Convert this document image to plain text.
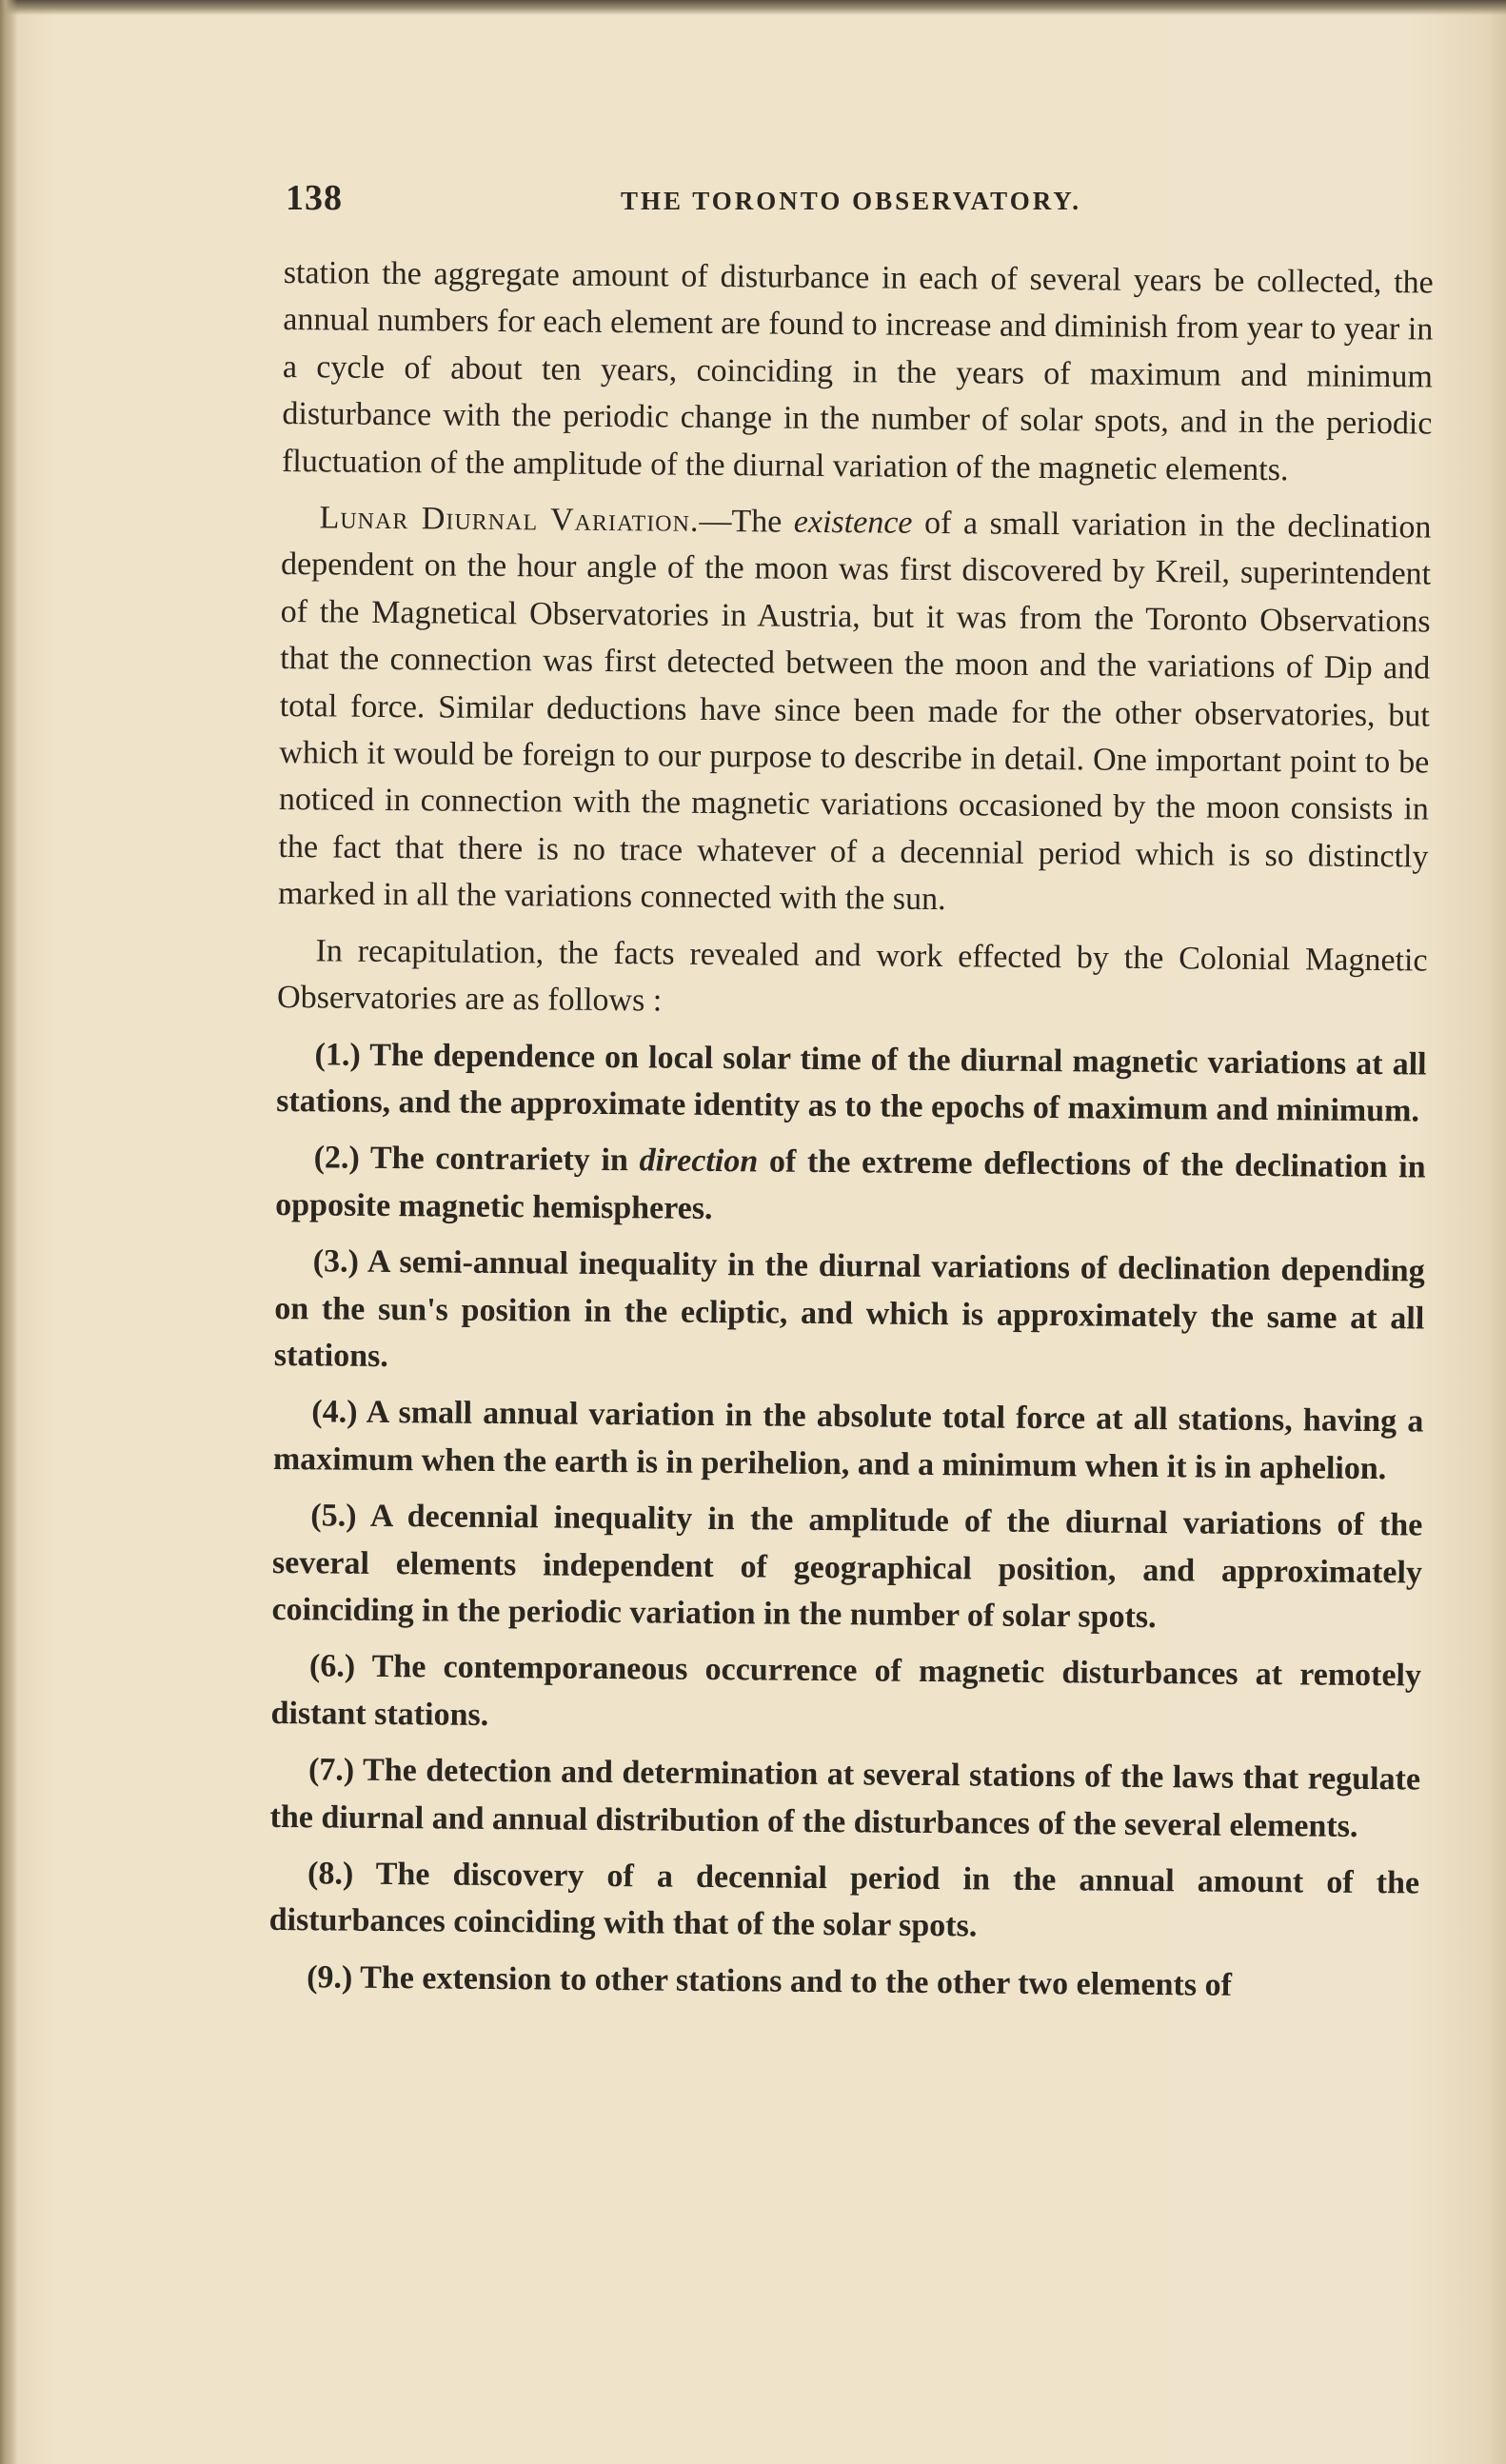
138	THE TORONTO OBSERVATORY.

station the aggregate amount of disturbance in each of several years be collected, the annual numbers for each element are found to increase and diminish from year to year in a cycle of about ten years, coinciding in the years of maximum and minimum disturbance with the periodic change in the number of solar spots, and in the periodic fluctuation of the amplitude of the diurnal variation of the magnetic elements.

Lunar Diurnal Variation.—The existence of a small variation in the declination dependent on the hour angle of the moon was first discovered by Kreil, superintendent of the Magnetical Observatories in Austria, but it was from the Toronto Observations that the connection was first detected between the moon and the variations of Dip and total force. Similar deductions have since been made for the other observatories, but which it would be foreign to our purpose to describe in detail. One important point to be noticed in connection with the magnetic variations occasioned by the moon consists in the fact that there is no trace whatever of a decennial period which is so distinctly marked in all the variations connected with the sun.

In recapitulation, the facts revealed and work effected by the Colonial Magnetic Observatories are as follows :

(1.) The dependence on local solar time of the diurnal magnetic variations at all stations, and the approximate identity as to the epochs of maximum and minimum.

(2.) The contrariety in direction of the extreme deflections of the declination in opposite magnetic hemispheres.

(3.) A semi-annual inequality in the diurnal variations of declination depending on the sun's position in the ecliptic, and which is approximately the same at all stations.

(4.) A small annual variation in the absolute total force at all stations, having a maximum when the earth is in perihelion, and a minimum when it is in aphelion.

(5.) A decennial inequality in the amplitude of the diurnal variations of the several elements independent of geographical position, and approximately coinciding in the periodic variation in the number of solar spots.

(6.) The contemporaneous occurrence of magnetic disturbances at remotely distant stations.

(7.) The detection and determination at several stations of the laws that regulate the diurnal and annual distribution of the disturbances of the several elements.

(8.) The discovery of a decennial period in the annual amount of the disturbances coinciding with that of the solar spots.

(9.) The extension to other stations and to the other two elements of
